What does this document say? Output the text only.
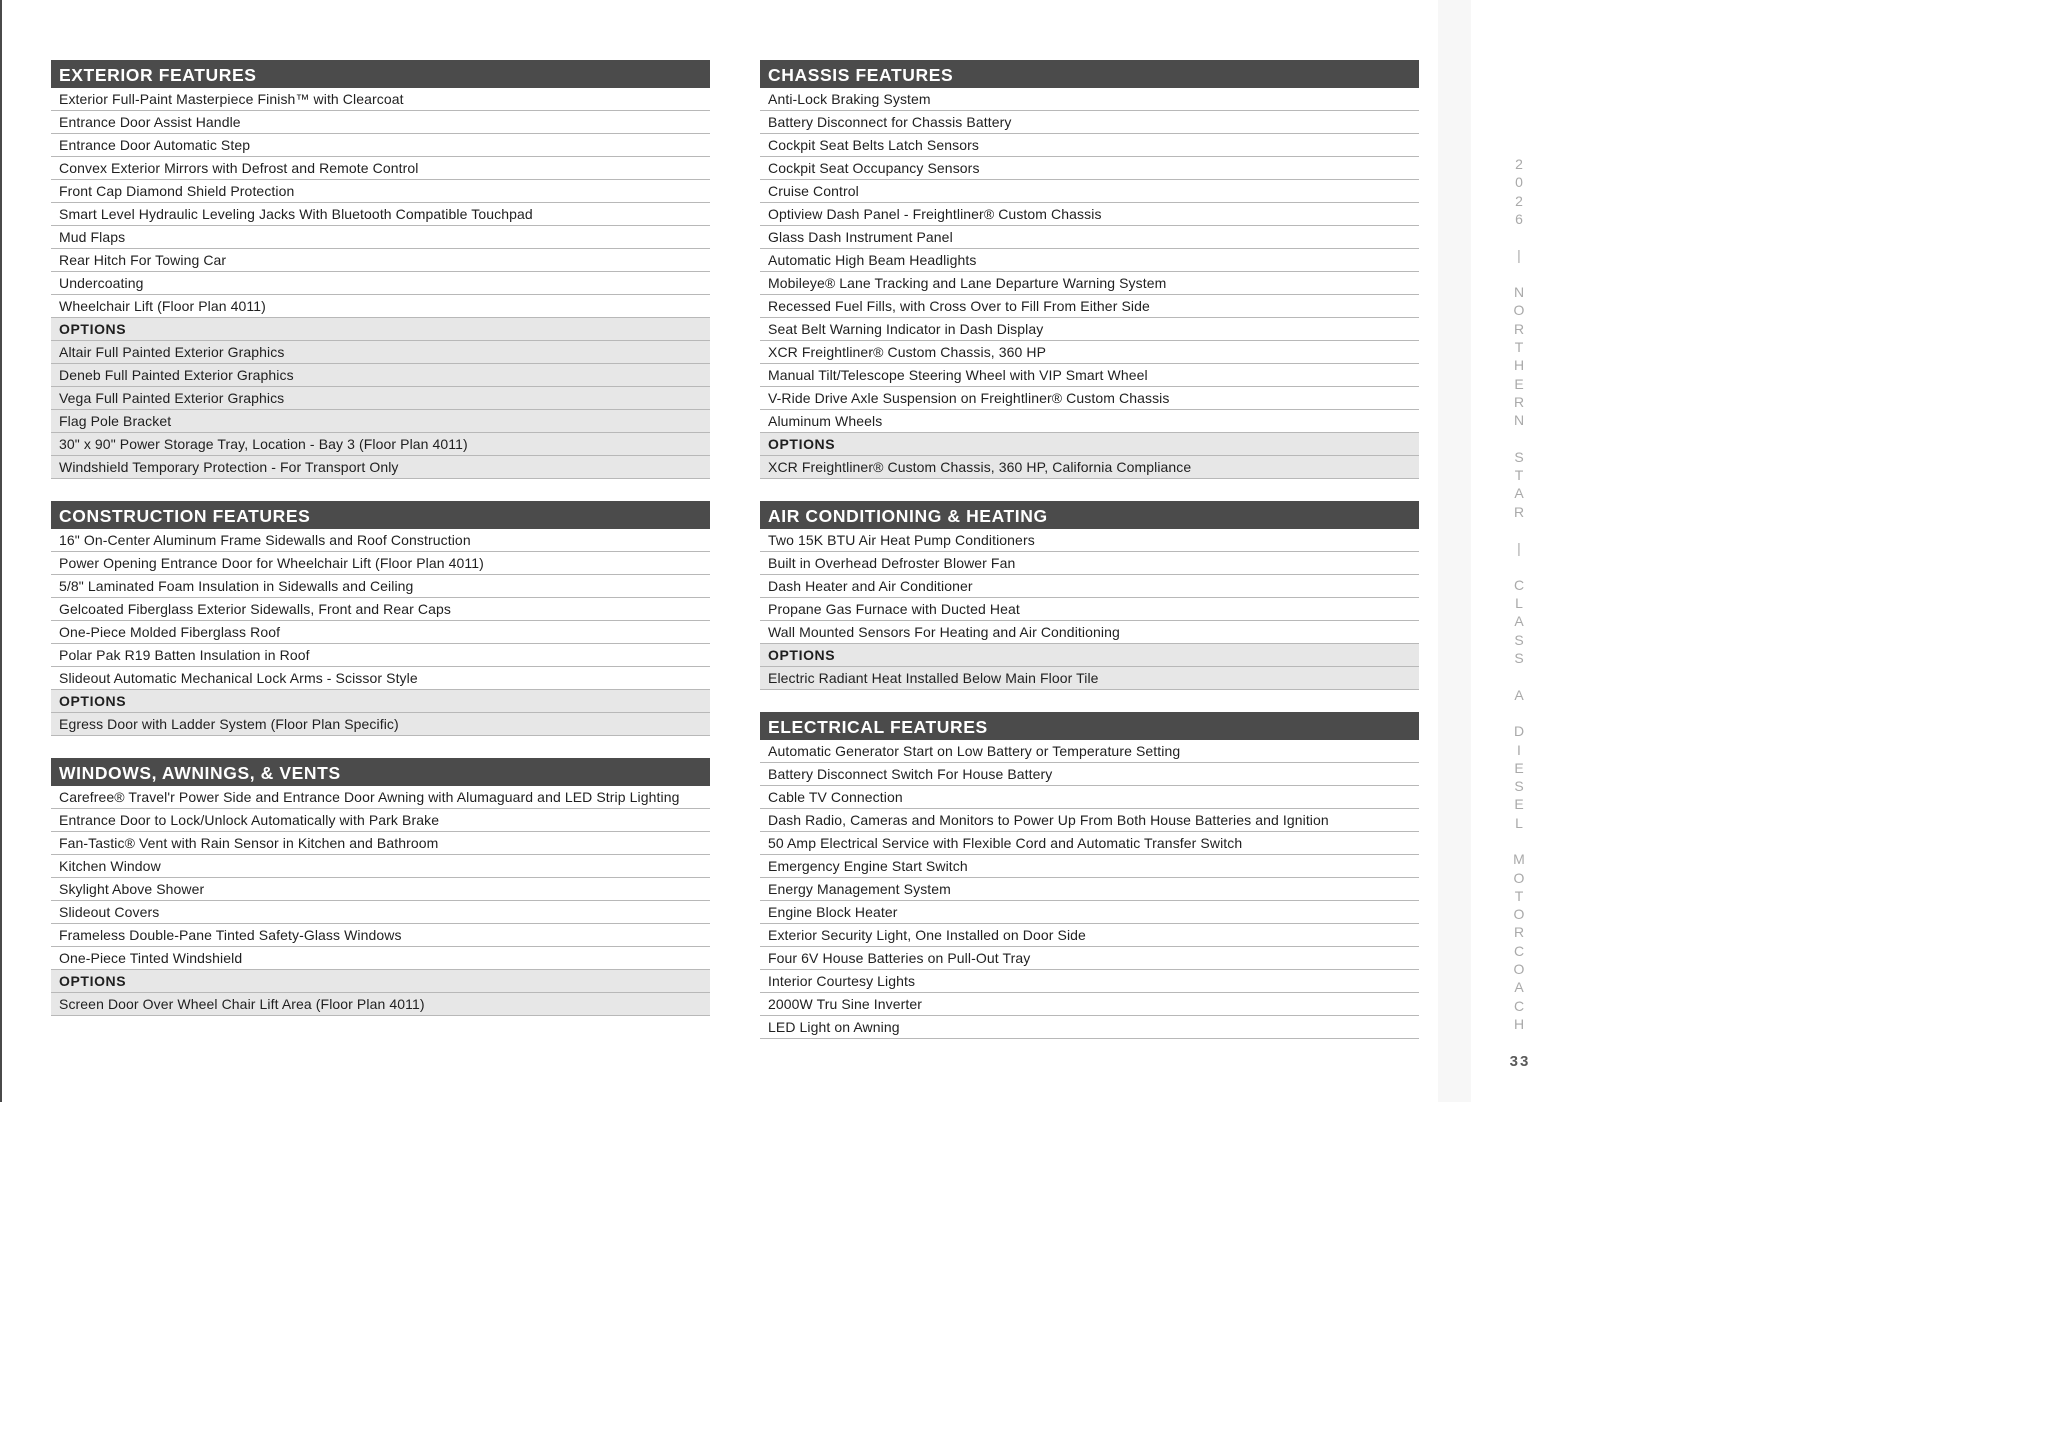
2
0
2
6

|

N
O
R
T
H
E
R
N

S
T
A
R

|

C
L
A
S
S

A

D
I
E
S
E
L

M
O
T
O
R
C
O
A
C
H
33
EXTERIOR FEATURES
Exterior Full-Paint Masterpiece Finish™ with Clearcoat
Entrance Door Assist Handle
Entrance Door Automatic Step
Convex Exterior Mirrors with Defrost and Remote Control
Front Cap Diamond Shield Protection
Smart Level Hydraulic Leveling Jacks With Bluetooth Compatible Touchpad
Mud Flaps
Rear Hitch For Towing Car
Undercoating
Wheelchair Lift (Floor Plan 4011)
OPTIONS
Altair Full Painted Exterior Graphics
Deneb Full Painted Exterior Graphics
Vega Full Painted Exterior Graphics
Flag Pole Bracket
30" x 90" Power Storage Tray, Location - Bay 3 (Floor Plan 4011)
Windshield Temporary Protection - For Transport Only
CONSTRUCTION FEATURES
16" On-Center Aluminum Frame Sidewalls and Roof Construction
Power Opening Entrance Door for Wheelchair Lift (Floor Plan 4011)
5/8" Laminated Foam Insulation in Sidewalls and Ceiling
Gelcoated Fiberglass Exterior Sidewalls, Front and Rear Caps
One-Piece Molded Fiberglass Roof
Polar Pak R19 Batten Insulation in Roof
Slideout Automatic Mechanical Lock Arms - Scissor Style
OPTIONS
Egress Door with Ladder System (Floor Plan Specific)
WINDOWS, AWNINGS, & VENTS
Carefree® Travel'r Power Side and Entrance Door Awning with Alumaguard and LED Strip Lighting
Entrance Door to Lock/Unlock Automatically with Park Brake
Fan-Tastic® Vent with Rain Sensor in Kitchen and Bathroom
Kitchen Window
Skylight Above Shower
Slideout Covers
Frameless Double-Pane Tinted Safety-Glass Windows
One-Piece Tinted Windshield
OPTIONS
Screen Door Over Wheel Chair Lift Area (Floor Plan 4011)
CHASSIS FEATURES
Anti-Lock Braking System
Battery Disconnect for Chassis Battery
Cockpit Seat Belts Latch Sensors
Cockpit Seat Occupancy Sensors
Cruise Control
Optiview Dash Panel - Freightliner® Custom Chassis
Glass Dash Instrument Panel
Automatic High Beam Headlights
Mobileye® Lane Tracking and Lane Departure Warning System
Recessed Fuel Fills, with Cross Over to Fill From Either Side
Seat Belt Warning Indicator in Dash Display
XCR Freightliner® Custom Chassis, 360 HP
Manual Tilt/Telescope Steering Wheel with VIP Smart Wheel
V-Ride Drive Axle Suspension on Freightliner® Custom Chassis
Aluminum Wheels
OPTIONS
XCR Freightliner® Custom Chassis, 360 HP, California Compliance
AIR CONDITIONING & HEATING
Two 15K BTU Air Heat Pump Conditioners
Built in Overhead Defroster Blower Fan
Dash Heater and Air Conditioner
Propane Gas Furnace with Ducted Heat
Wall Mounted Sensors For Heating and Air Conditioning
OPTIONS
Electric Radiant Heat Installed Below Main Floor Tile
ELECTRICAL FEATURES
Automatic Generator Start on Low Battery or Temperature Setting
Battery Disconnect Switch For House Battery
Cable TV Connection
Dash Radio, Cameras and Monitors to Power Up From Both House Batteries and Ignition
50 Amp Electrical Service with Flexible Cord and Automatic Transfer Switch
Emergency Engine Start Switch
Energy Management System
Engine Block Heater
Exterior Security Light, One Installed on Door Side
Four 6V House Batteries on Pull-Out Tray
Interior Courtesy Lights
2000W Tru Sine Inverter
LED Light on Awning
